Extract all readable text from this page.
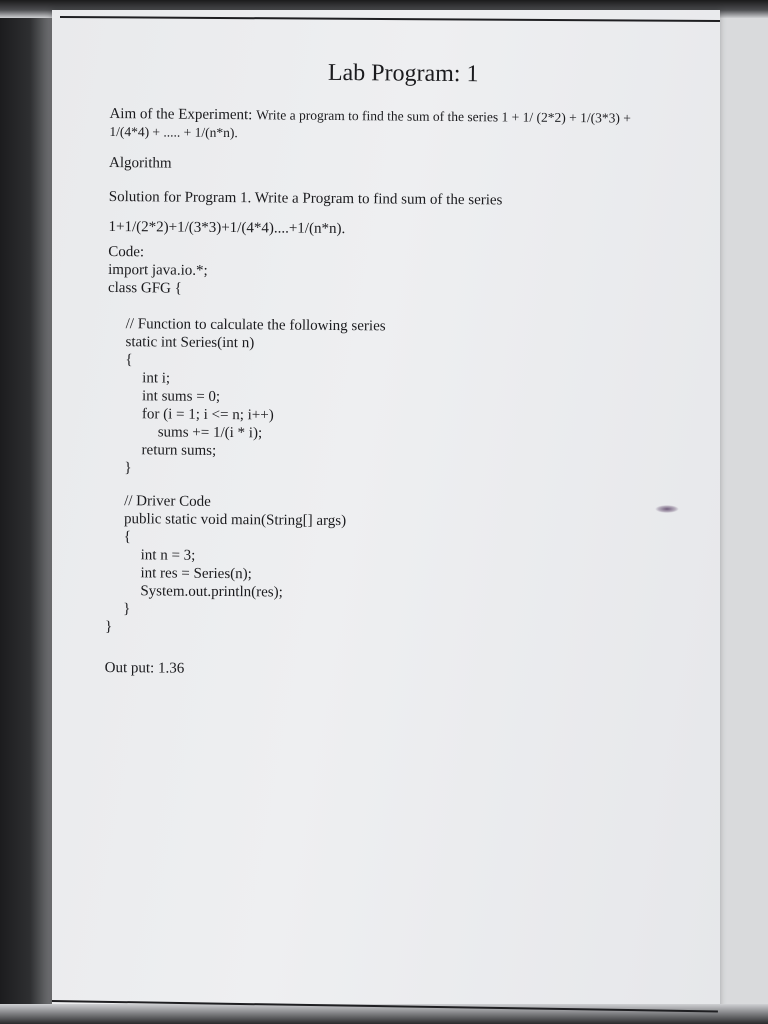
Lab Program: 1
Aim of the Experiment: Write a program to find the sum of the series 1 + 1/ (2*2) + 1/(3*3) +
1/(4*4) + ..... + 1/(n*n).
Algorithm
Solution for Program 1. Write a Program to find sum of the series
1+1/(2*2)+1/(3*3)+1/(4*4)....+1/(n*n).
Code:
import java.io.*;
class GFG {
// Function to calculate the following series
static int Series(int n)
{
int i;
int sums = 0;
for (i = 1; i <= n; i++)
sums += 1/(i * i);
return sums;
}
// Driver Code
public static void main(String[] args)
{
int n = 3;
int res = Series(n);
System.out.println(res);
}
}
Out put: 1.36
